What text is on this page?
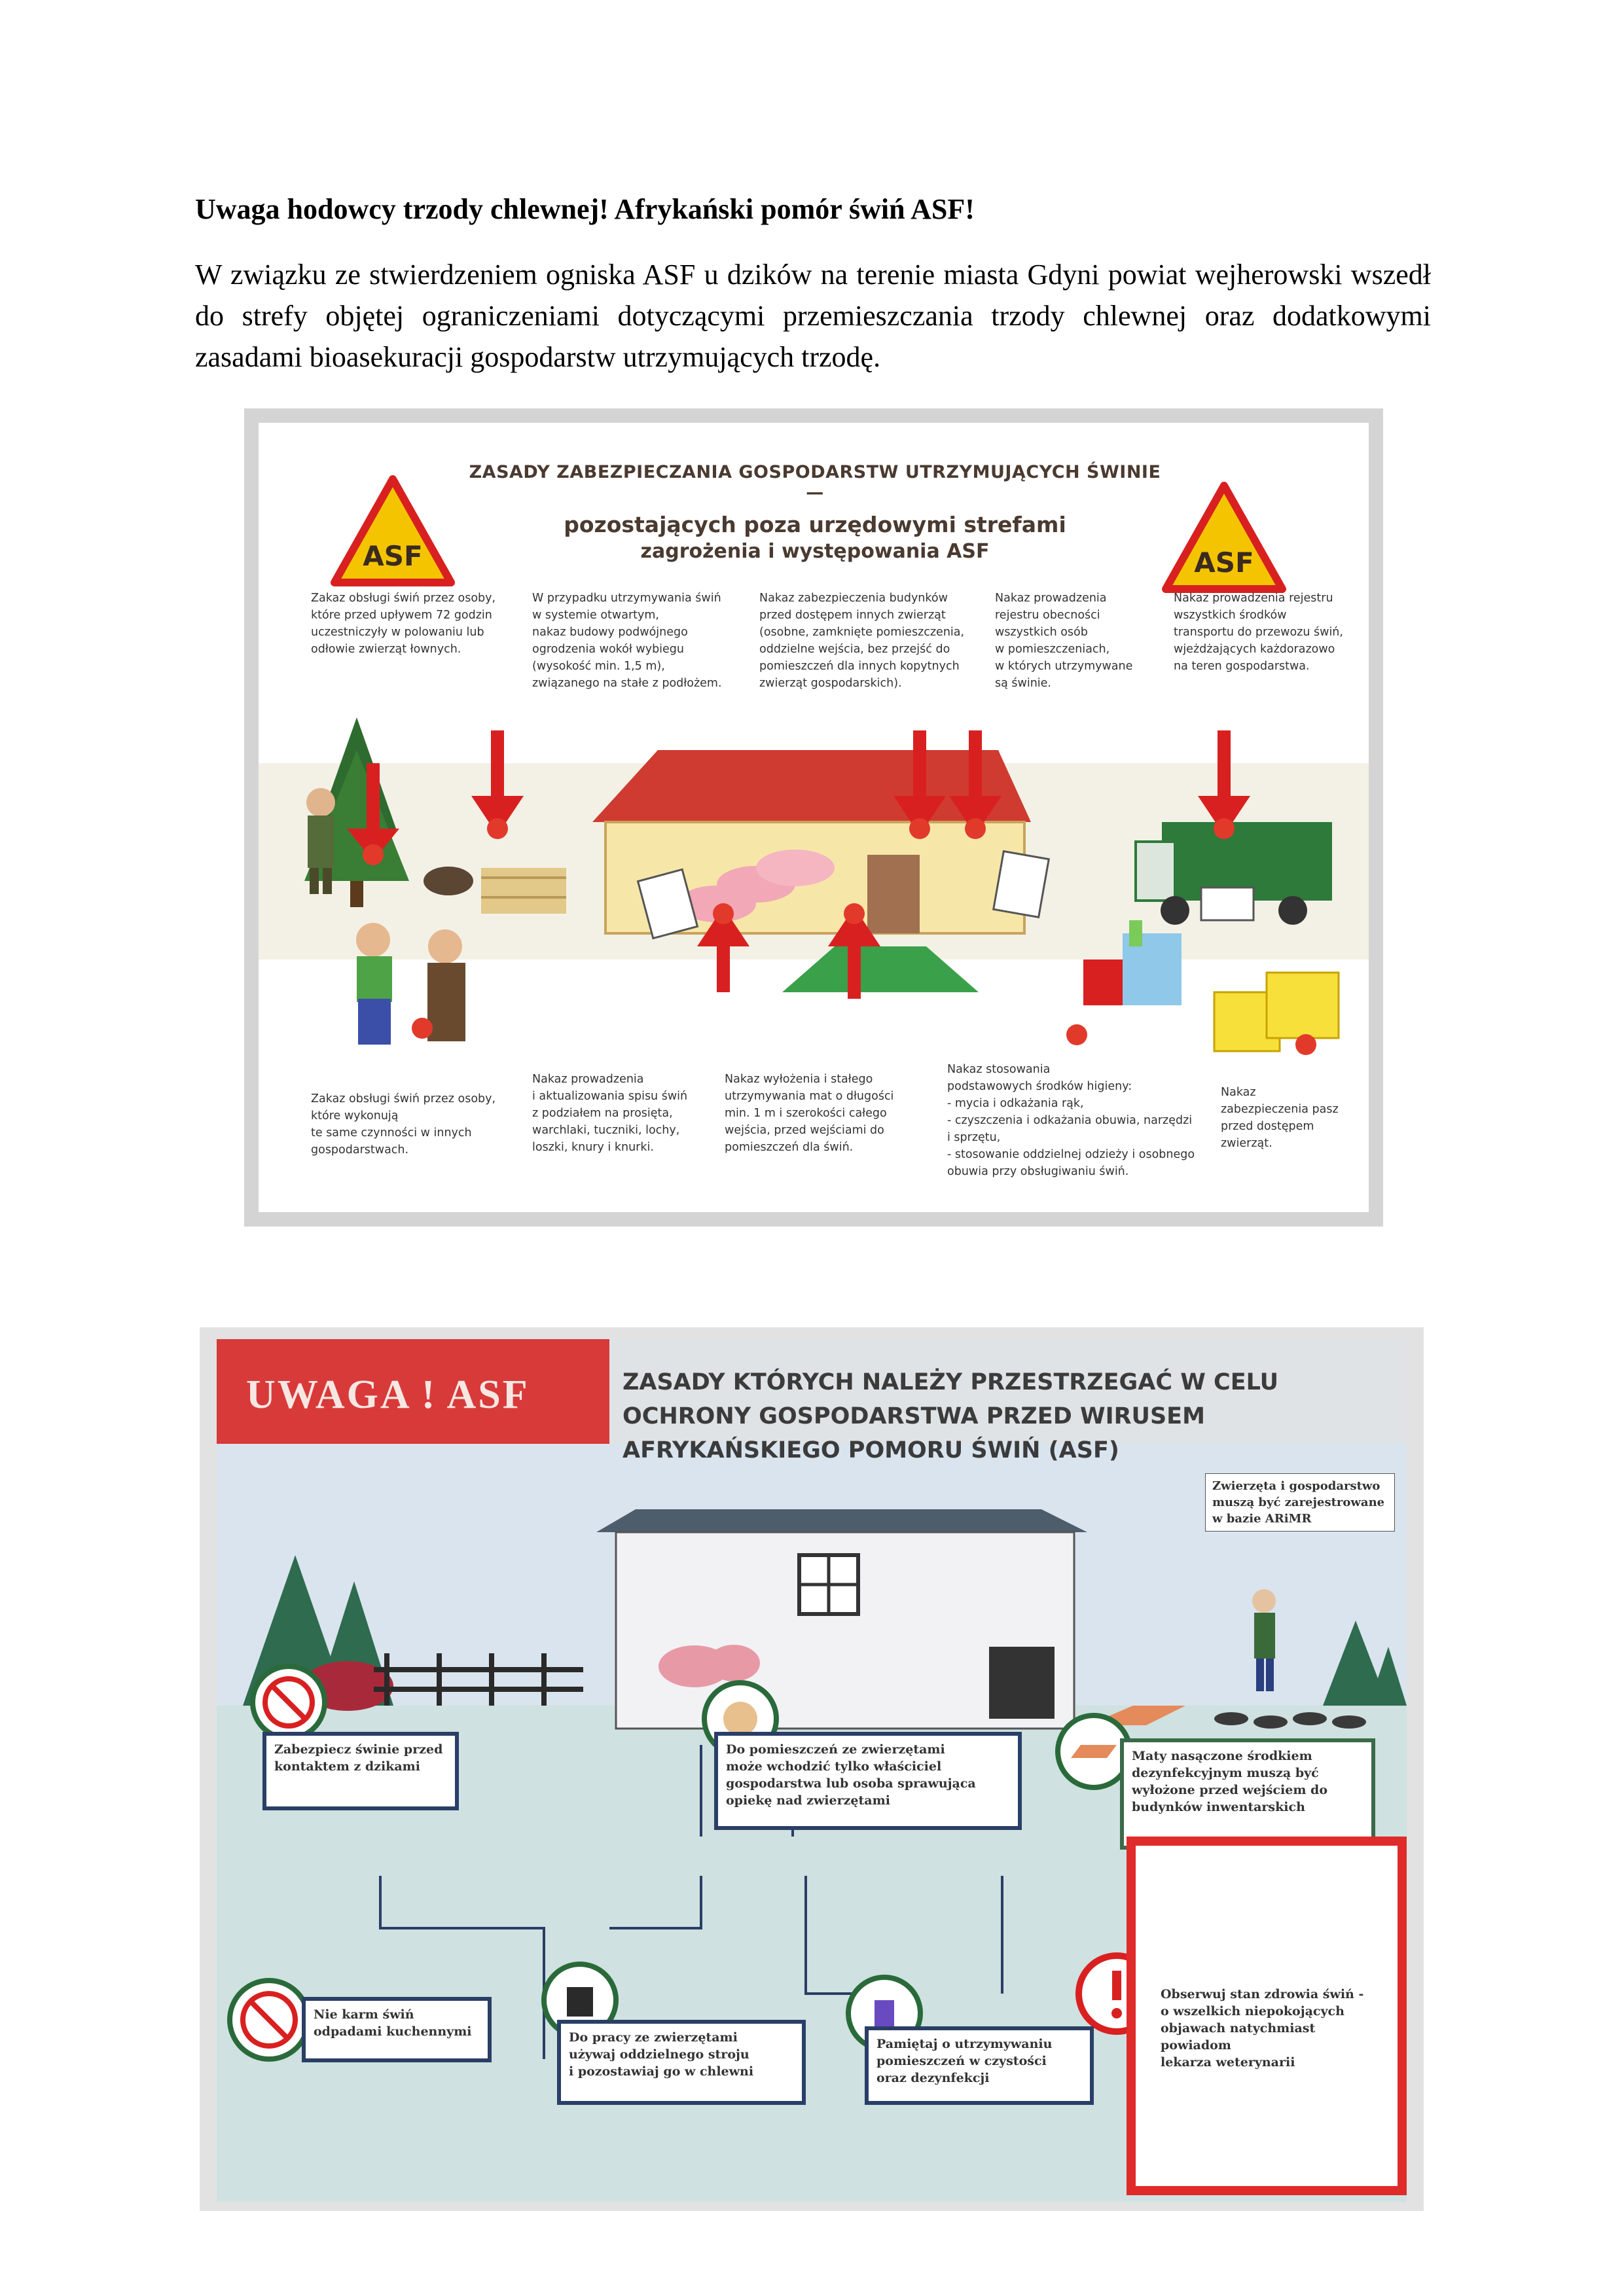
Uwaga hodowcy trzody chlewnej! Afrykański pomór świń ASF!

W związku ze stwierdzeniem ogniska ASF u dzików na terenie miasta Gdyni powiat wejherowski wszedł do strefy objętej ograniczeniami dotyczącymi przemieszczania trzody chlewnej oraz dodatkowymi zasadami bioasekuracji gospodarstw utrzymujących trzodę.

ASF	ASF
ZASADY ZABEZPIECZANIA GOSPODARSTW UTRZYMUJĄCYCH ŚWINIE —
pozostających poza urzędowymi strefami
zagrożenia i występowania ASF
Zakaz obsługi świń przez osoby,
które przed upływem 72 godzin
uczestniczyły w polowaniu lub
odłowie zwierząt łownych.
W przypadku utrzymywania świń
w systemie otwartym,
nakaz budowy podwójnego
ogrodzenia wokół wybiegu
(wysokość min. 1,5 m),
związanego na stałe z podłożem.
Nakaz zabezpieczenia budynków
przed dostępem innych zwierząt
(osobne, zamknięte pomieszczenia,
oddzielne wejścia, bez przejść do
pomieszczeń dla innych kopytnych
zwierząt gospodarskich).
Nakaz prowadzenia
rejestru obecności
wszystkich osób
w pomieszczeniach,
w których utrzymywane
są świnie.
Nakaz prowadzenia rejestru
wszystkich środków
transportu do przewozu świń,
wjeżdżających każdorazowo
na teren gospodarstwa.
Zakaz obsługi świń przez osoby,
które wykonują
te same czynności w innych
gospodarstwach.
Nakaz prowadzenia
i aktualizowania spisu świń
z podziałem na prosięta,
warchlaki, tuczniki, lochy,
loszki, knury i knurki.
Nakaz wyłożenia i stałego
utrzymywania mat o długości
min. 1 m i szerokości całego
wejścia, przed wejściami do
pomieszczeń dla świń.
Nakaz stosowania
podstawowych środków higieny:
- mycia i odkażania rąk,
- czyszczenia i odkażania obuwia, narzędzi
i sprzętu,
- stosowanie oddzielnej odzieży i osobnego
obuwia przy obsługiwaniu świń.
Nakaz
zabezpieczenia pasz
przed dostępem
zwierząt.
UWAGA ! ASF	ZASADY KTÓRYCH NALEŻY PRZESTRZEGAĆ W CELU OCHRONY GOSPODARSTWA PRZED WIRUSEM AFRYKAŃSKIEGO POMORU ŚWIŃ (ASF)
Zwierzęta i gospodarstwo
muszą być zarejestrowane
w bazie ARiMR
Zabezpiecz świnie przed
kontaktem z dzikami
Do pomieszczeń ze zwierzętami
może wchodzić tylko właściciel
gospodarstwa lub osoba sprawująca
opiekę nad zwierzętami
Maty nasączone środkiem
dezynfekcyjnym muszą być
wyłożone przed wejściem do
budynków inwentarskich
Nie karm świń
odpadami kuchennymi	Do pracy ze zwierzętami
używaj oddzielnego stroju
i pozostawiaj go w chlewni
Pamiętaj o utrzymywaniu
pomieszczeń w czystości
oraz dezynfekcji
Obserwuj stan zdrowia świń -
o wszelkich niepokojących
objawach natychmiast powiadom
lekarza weterynarii
